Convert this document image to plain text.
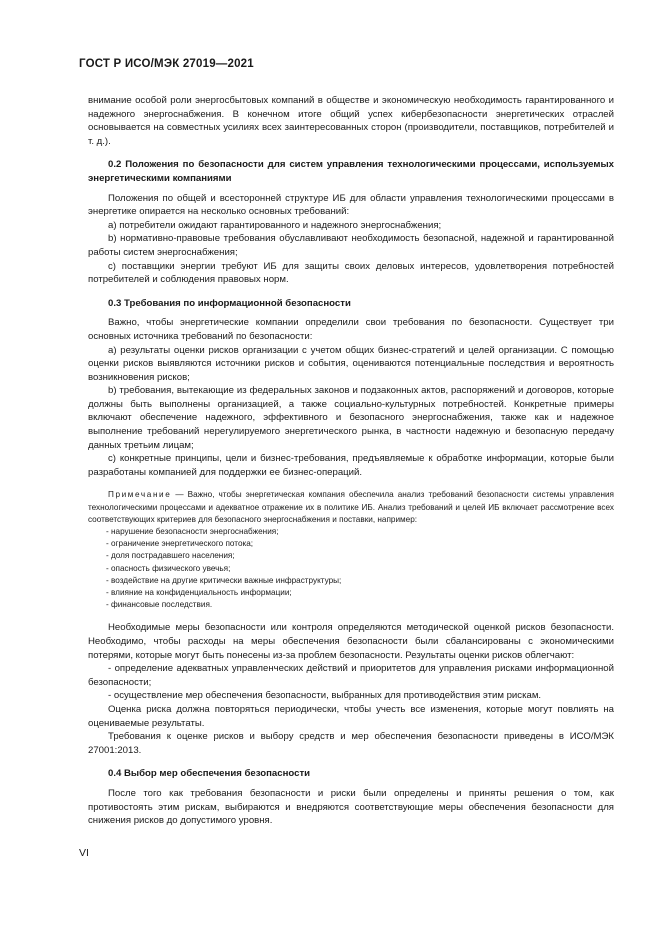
ГОСТ Р ИСО/МЭК 27019—2021

внимание особой роли энергосбытовых компаний в обществе и экономическую необходимость гарантированного и надежного энергоснабжения. В конечном итоге общий успех кибербезопасности энергетических отраслей основывается на совместных усилиях всех заинтересованных сторон (производители, поставщиков, потребителей и т. д.).

0.2 Положения по безопасности для систем управления технологическими процессами, используемых энергетическими компаниями

Положения по общей и всесторонней структуре ИБ для области управления технологическими процессами в энергетике опирается на несколько основных требований:

а) потребители ожидают гарантированного и надежного энергоснабжения;

b) нормативно-правовые требования обуславливают необходимость безопасной, надежной и гарантированной работы систем энергоснабжения;

с) поставщики энергии требуют ИБ для защиты своих деловых интересов, удовлетворения потребностей потребителей и соблюдения правовых норм.

0.3 Требования по информационной безопасности

Важно, чтобы энергетические компании определили свои требования по безопасности. Существует три основных источника требований по безопасности:

а) результаты оценки рисков организации с учетом общих бизнес-стратегий и целей организации. С помощью оценки рисков выявляются источники рисков и события, оцениваются потенциальные последствия и вероятность возникновения рисков;

b) требования, вытекающие из федеральных законов и подзаконных актов, распоряжений и договоров, которые должны быть выполнены организацией, а также социально-культурных потребностей. Конкретные примеры включают обеспечение надежного, эффективного и безопасного энергоснабжения, также как и надежное выполнение требований нерегулируемого энергетического рынка, в частности надежную и безопасную передачу данных третьим лицам;

с) конкретные принципы, цели и бизнес-требования, предъявляемые к обработке информации, которые были разработаны компанией для поддержки ее бизнес-операций.

Примечание — Важно, чтобы энергетическая компания обеспечила анализ требований безопасности системы управления технологическими процессами и адекватное отражение их в политике ИБ. Анализ требований и целей ИБ включает рассмотрение всех соответствующих критериев для безопасного энергоснабжения и поставки, например:

- нарушение безопасности энергоснабжения;
- ограничение энергетического потока;
- доля пострадавшего населения;
- опасность физического увечья;
- воздействие на другие критически важные инфраструктуры;
- влияние на конфиденциальность информации;
- финансовые последствия.

Необходимые меры безопасности или контроля определяются методической оценкой рисков безопасности. Необходимо, чтобы расходы на меры обеспечения безопасности были сбалансированы с экономическими потерями, которые могут быть понесены из-за проблем безопасности. Результаты оценки рисков облегчают:

- определение адекватных управленческих действий и приоритетов для управления рисками информационной безопасности;

- осуществление мер обеспечения безопасности, выбранных для противодействия этим рискам.

Оценка риска должна повторяться периодически, чтобы учесть все изменения, которые могут повлиять на оцениваемые результаты.

Требования к оценке рисков и выбору средств и мер обеспечения безопасности приведены в ИСО/МЭК 27001:2013.

0.4 Выбор мер обеспечения безопасности

После того как требования безопасности и риски были определены и приняты решения о том, как противостоять этим рискам, выбираются и внедряются соответствующие меры обеспечения безопасности для снижения рисков до допустимого уровня.

VI
